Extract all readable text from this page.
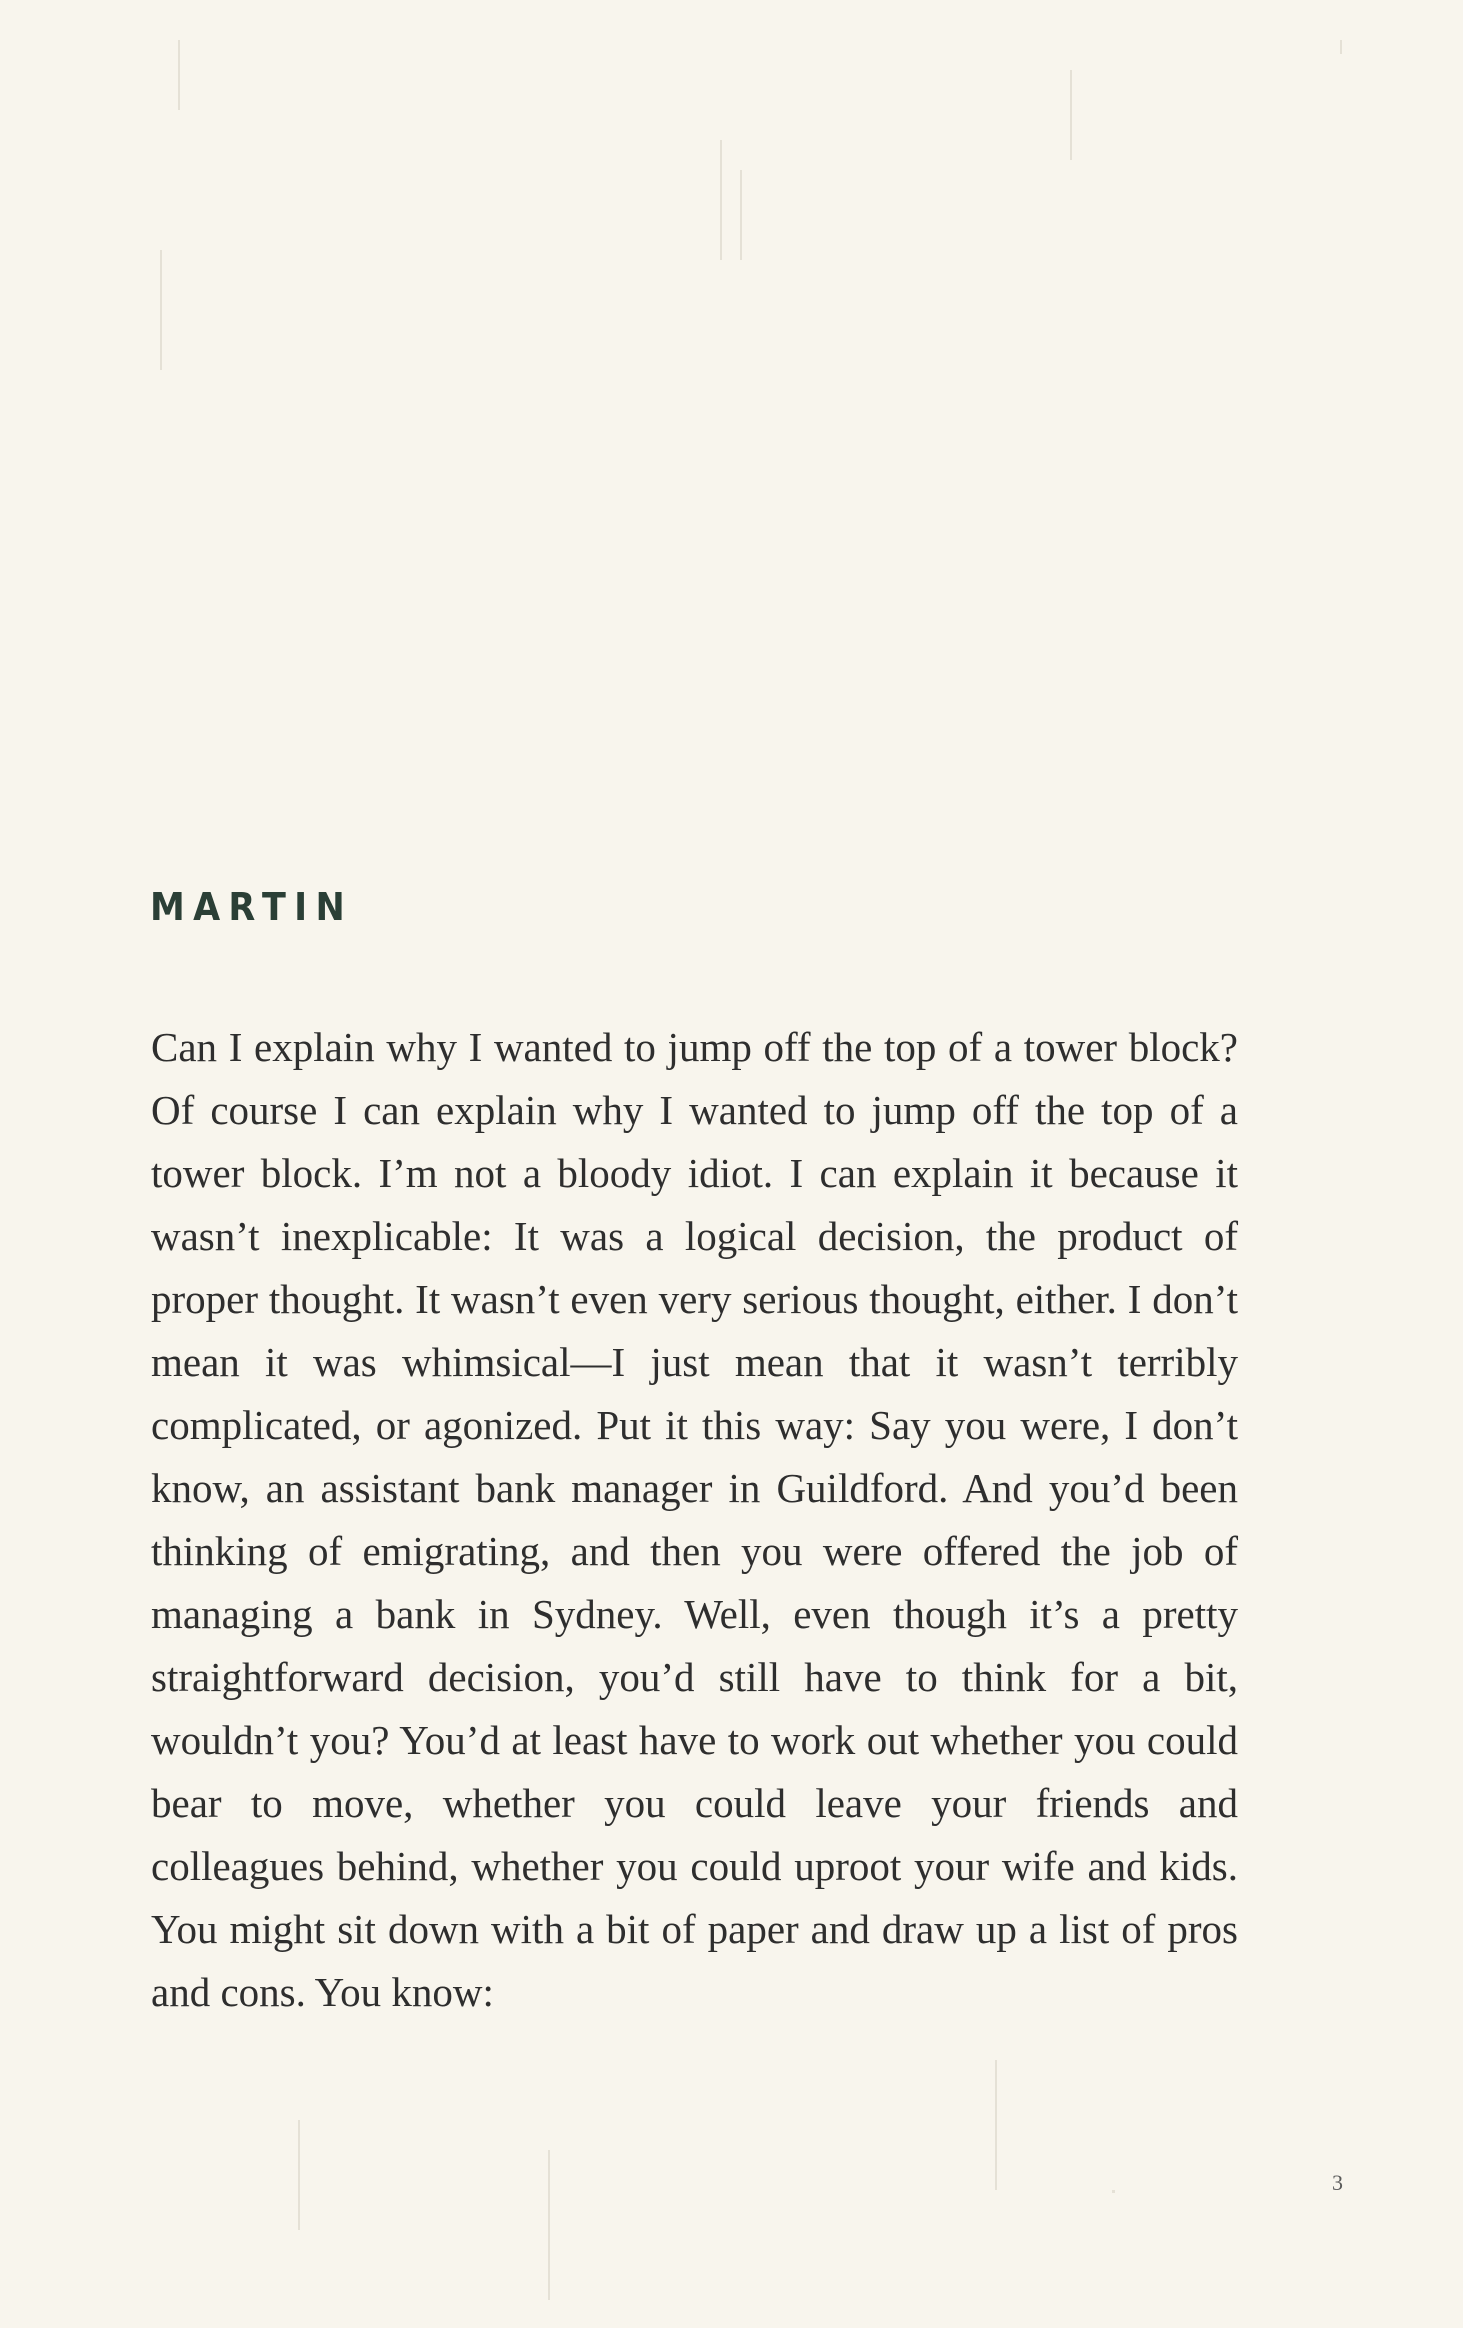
MARTIN

Can I explain why I wanted to jump off the top of a tower block? Of course I can explain why I wanted to jump off the top of a tower block. I’m not a bloody idiot. I can explain it because it wasn’t inexplicable: It was a logical decision, the product of proper thought. It wasn’t even very serious thought, either. I don’t mean it was whimsical—I just mean that it wasn’t terribly complicated, or agonized. Put it this way: Say you were, I don’t know, an assistant bank manager in Guildford. And you’d been thinking of emigrating, and then you were offered the job of managing a bank in Sydney. Well, even though it’s a pretty straightforward decision, you’d still have to think for a bit, wouldn’t you? You’d at least have to work out whether you could bear to move, whether you could leave your friends and colleagues behind, whether you could uproot your wife and kids. You might sit down with a bit of paper and draw up a list of pros and cons. You know:

3
